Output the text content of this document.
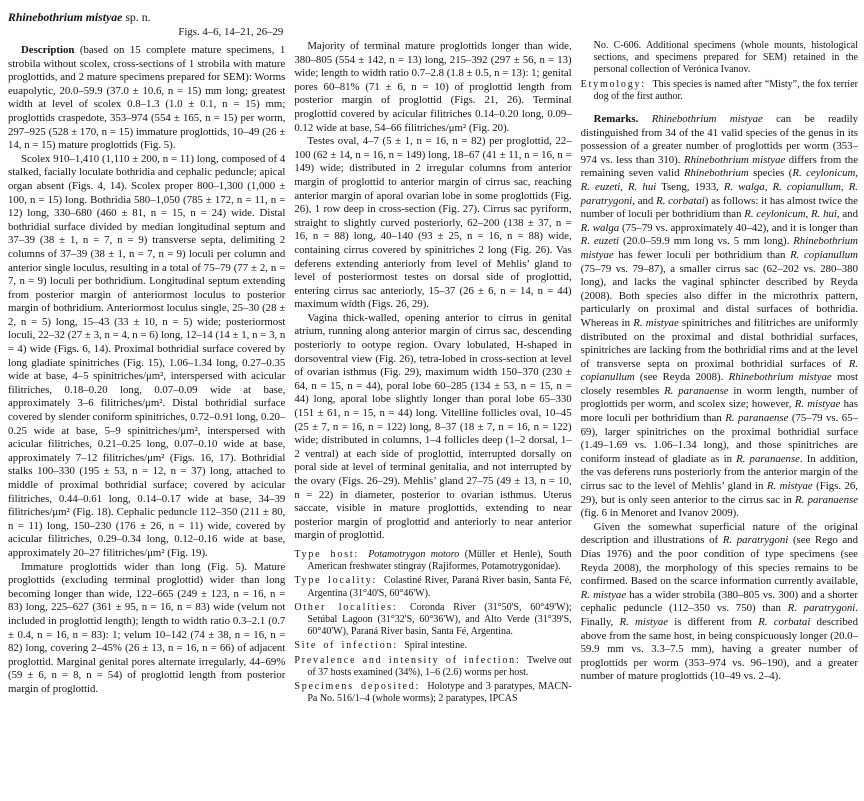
Rhinebothrium mistyae sp. n.
Figs. 4–6, 14–21, 26–29

Description (based on 15 complete mature specimens, 1 strobila without scolex, cross-sections of 1 strobila with mature proglottids, and 2 mature specimens prepared for SEM): Worms euapolytic, 20.0–59.9 (37.0 ± 10.6, n = 15) mm long; greatest width at level of scolex 0.8–1.3 (1.0 ± 0.1, n = 15) mm; proglottids craspedote, 353–974 (554 ± 165, n = 15) per worm, 297–925 (528 ± 170, n = 15) immature proglottids, 10–49 (26 ± 14, n = 15) mature proglottids (Fig. 5).

Scolex 910–1,410 (1,110 ± 200, n = 11) long, composed of 4 stalked, facially loculate bothridia and cephalic peduncle; apical organ absent (Figs. 4, 14). Scolex proper 800–1,300 (1,000 ± 100, n = 15) long. Bothridia 580–1,050 (785 ± 172, n = 11, n = 12) long, 330–680 (460 ± 81, n = 15, n = 24) wide. Distal bothridial surface divided by median longitudinal septum and 37–39 (38 ± 1, n = 7, n = 9) transverse septa, delimiting 2 columns of 37–39 (38 ± 1, n = 7, n = 9) loculi per column and anterior single loculus, resulting in a total of 75–79 (77 ± 2, n = 7, n = 9) loculi per bothridium. Longitudinal septum extending from posterior margin of anteriormost loculus to posterior margin of bothridium. Anteriormost loculus single, 25–30 (28 ± 2, n = 5) long, 15–43 (33 ± 10, n = 5) wide; posteriormost loculi, 22–32 (27 ± 3, n = 4, n = 6) long, 12–14 (14 ± 1, n = 3, n = 4) wide (Figs. 6, 14). Proximal bothridial surface covered by long gladiate spinitriches (Fig. 15), 1.06–1.34 long, 0.27–0.35 wide at base, 4–5 spinitriches/μm², interspersed with acicular filitriches, 0.18–0.20 long, 0.07–0.09 wide at base, approximately 3–6 filitriches/μm². Distal bothridial surface covered by slender coniform spinitriches, 0.72–0.91 long, 0.20–0.25 wide at base, 5–9 spinitriches/μm², interspersed with acicular filitriches, 0.21–0.25 long, 0.07–0.10 wide at base, approximately 7–12 filitriches/μm² (Figs. 16, 17). Bothridial stalks 100–330 (195 ± 53, n = 12, n = 37) long, attached to middle of proximal bothridial surface; covered by acicular filitriches, 0.44–0.61 long, 0.14–0.17 wide at base, 34–39 filitriches/μm² (Fig. 18). Cephalic peduncle 112–350 (211 ± 80, n = 11) long, 150–230 (176 ± 26, n = 11) wide, covered by acicular filitriches, 0.29–0.34 long, 0.12–0.16 wide at base, approximately 20–27 filitriches/μm² (Fig. 19).

Immature proglottids wider than long (Fig. 5). Mature proglottids (excluding terminal proglottid) wider than long becoming longer than wide, 122–665 (249 ± 123, n = 16, n = 83) long, 225–627 (361 ± 95, n = 16, n = 83) wide (velum not included in proglottid length); length to width ratio 0.3–2.1 (0.7 ± 0.4, n = 16, n = 83): 1; velum 10–142 (74 ± 38, n = 16, n = 82) long, covering 2–45% (26 ± 13, n = 16, n = 66) of adjacent proglottid. Marginal genital pores alternate irregularly, 44–69% (59 ± 6, n = 8, n = 54) of proglottid length from posterior margin of proglottid.

Majority of terminal mature proglottids longer than wide, 380–805 (554 ± 142, n = 13) long, 215–392 (297 ± 56, n = 13) wide; length to width ratio 0.7–2.8 (1.8 ± 0.5, n = 13): 1; genital pores 60–81% (71 ± 6, n = 10) of proglottid length from posterior margin of proglottid (Figs. 21, 26). Terminal proglottid covered by acicular filitriches 0.14–0.20 long, 0.09–0.12 wide at base, 54–66 filitriches/μm² (Fig. 20).

Testes oval, 4–7 (5 ± 1, n = 16, n = 82) per proglottid, 22–100 (62 ± 14, n = 16, n = 149) long, 18–67 (41 ± 11, n = 16, n = 149) wide; distributed in 2 irregular columns from anterior margin of proglottid to anterior margin of cirrus sac, reaching anterior margin of aporal ovarian lobe in some proglottids (Fig. 26), 1 row deep in cross-section (Fig. 27). Cirrus sac pyriform, straight to slightly curved posteriorly, 62–200 (138 ± 37, n = 16, n = 88) long, 40–140 (93 ± 25, n = 16, n = 88) wide, containing cirrus covered by spinitriches 2 long (Fig. 26). Vas deferens extending anteriorly from level of Mehlis’ gland to level of posteriormost testes on dorsal side of proglottid, entering cirrus sac anteriorly, 15–37 (26 ± 6, n = 14, n = 44) maximum width (Figs. 26, 29).

Vagina thick-walled, opening anterior to cirrus in genital atrium, running along anterior margin of cirrus sac, descending posteriorly to ootype region. Ovary lobulated, H-shaped in dorsoventral view (Fig. 26), tetra-lobed in cross-section at level of ovarian isthmus (Fig. 29), maximum width 150–370 (230 ± 64, n = 15, n = 44), poral lobe 60–285 (134 ± 53, n = 15, n = 44) long, aporal lobe slightly longer than poral lobe 65–330 (151 ± 61, n = 15, n = 44) long. Vitelline follicles oval, 10–45 (25 ± 7, n = 16, n = 122) long, 8–37 (18 ± 7, n = 16, n = 122) wide; distributed in columns, 1–4 follicles deep (1–2 dorsal, 1–2 ventral) at each side of proglottid, interrupted dorsally on poral side at level of terminal genitalia, and not interrupted by the ovary (Figs. 26–29). Mehlis’ gland 27–75 (49 ± 13, n = 10, n = 22) in diameter, posterior to ovarian isthmus. Uterus saccate, visible in mature proglottids, extending to near posterior margin of proglottid and anteriorly to near anterior margin of proglottid.

Type host: Potamotrygon motoro (Müller et Henle), South American freshwater stingray (Rajiformes, Potamotrygonidae).
Type locality: Colastiné River, Paraná River basin, Santa Fé, Argentina (31°40'S, 60°46'W).
Other localities: Coronda River (31°50'S, 60°49'W); Setúbal Lagoon (31°32'S, 60°36'W), and Alto Verde (31°39'S, 60°40'W), Paraná River basin, Santa Fé, Argentina.
Site of infection: Spiral intestine.
Prevalence and intensity of infection: Twelve out of 37 hosts examined (34%), 1–6 (2.6) worms per host.
Specimens deposited: Holotype and 3 paratypes, MACN-Pa No. 516/1–4 (whole worms); 2 paratypes, IPCAS
No. C-606. Additional specimens (whole mounts, histological sections, and specimens prepared for SEM) retained in the personal collection of Verónica Ivanov.
Etymology: This species is named after “Misty”, the fox terrier dog of the first author.

Remarks. Rhinebothrium mistyae can be readily distinguished from 34 of the 41 valid species of the genus in its possession of a greater number of proglottids per worm (353–974 vs. less than 310). Rhinebothrium mistyae differs from the remaining seven valid Rhinebothrium species (R. ceylonicum, R. euzeti, R. hui Tseng, 1933, R. walga, R. copianullum, R. paratrygoni, and R. corbatai) as follows: it has almost twice the number of loculi per bothridium than R. ceylonicum, R. hui, and R. walga (75–79 vs. approximately 40–42), and it is longer than R. euzeti (20.0–59.9 mm long vs. 5 mm long). Rhinebothrium mistyae has fewer loculi per bothridium than R. copianullum (75–79 vs. 79–87), a smaller cirrus sac (62–202 vs. 280–380 long), and lacks the vaginal sphincter described by Reyda (2008). Both species also differ in the microthrix pattern, particularly on proximal and distal surfaces of bothridia. Whereas in R. mistyae spinitriches and filitriches are uniformly distributed on the proximal and distal bothridial surfaces, spinitriches are lacking from the bothridial rims and at the level of transverse septa on proximal bothridial surfaces of R. copianullum (see Reyda 2008). Rhinebothrium mistyae most closely resembles R. paranaense in worm length, number of proglottids per worm, and scolex size; however, R. mistyae has more loculi per bothridium than R. paranaense (75–79 vs. 65–69), larger spinitriches on the proximal bothridial surface (1.49–1.69 vs. 1.06–1.34 long), and those spinitriches are coniform instead of gladiate as in R. paranaense. In addition, the vas deferens runs posteriorly from the anterior margin of the cirrus sac to the level of Mehlis’ gland in R. mistyae (Figs. 26, 29), but is only seen anterior to the cirrus sac in R. paranaense (fig. 6 in Menoret and Ivanov 2009).

Given the somewhat superficial nature of the original description and illustrations of R. paratrygoni (see Rego and Dias 1976) and the poor condition of type specimens (see Reyda 2008), the morphology of this species remains to be confirmed. Based on the scarce information currently available, R. mistyae has a wider strobila (380–805 vs. 300) and a shorter cephalic peduncle (112–350 vs. 750) than R. paratrygoni. Finally, R. mistyae is different from R. corbatai described above from the same host, in being conspicuously longer (20.0–59.9 mm vs. 3.3–7.5 mm), having a greater number of proglottids per worm (353–974 vs. 96–190), and a greater number of mature proglottids (10–49 vs. 2–4).
